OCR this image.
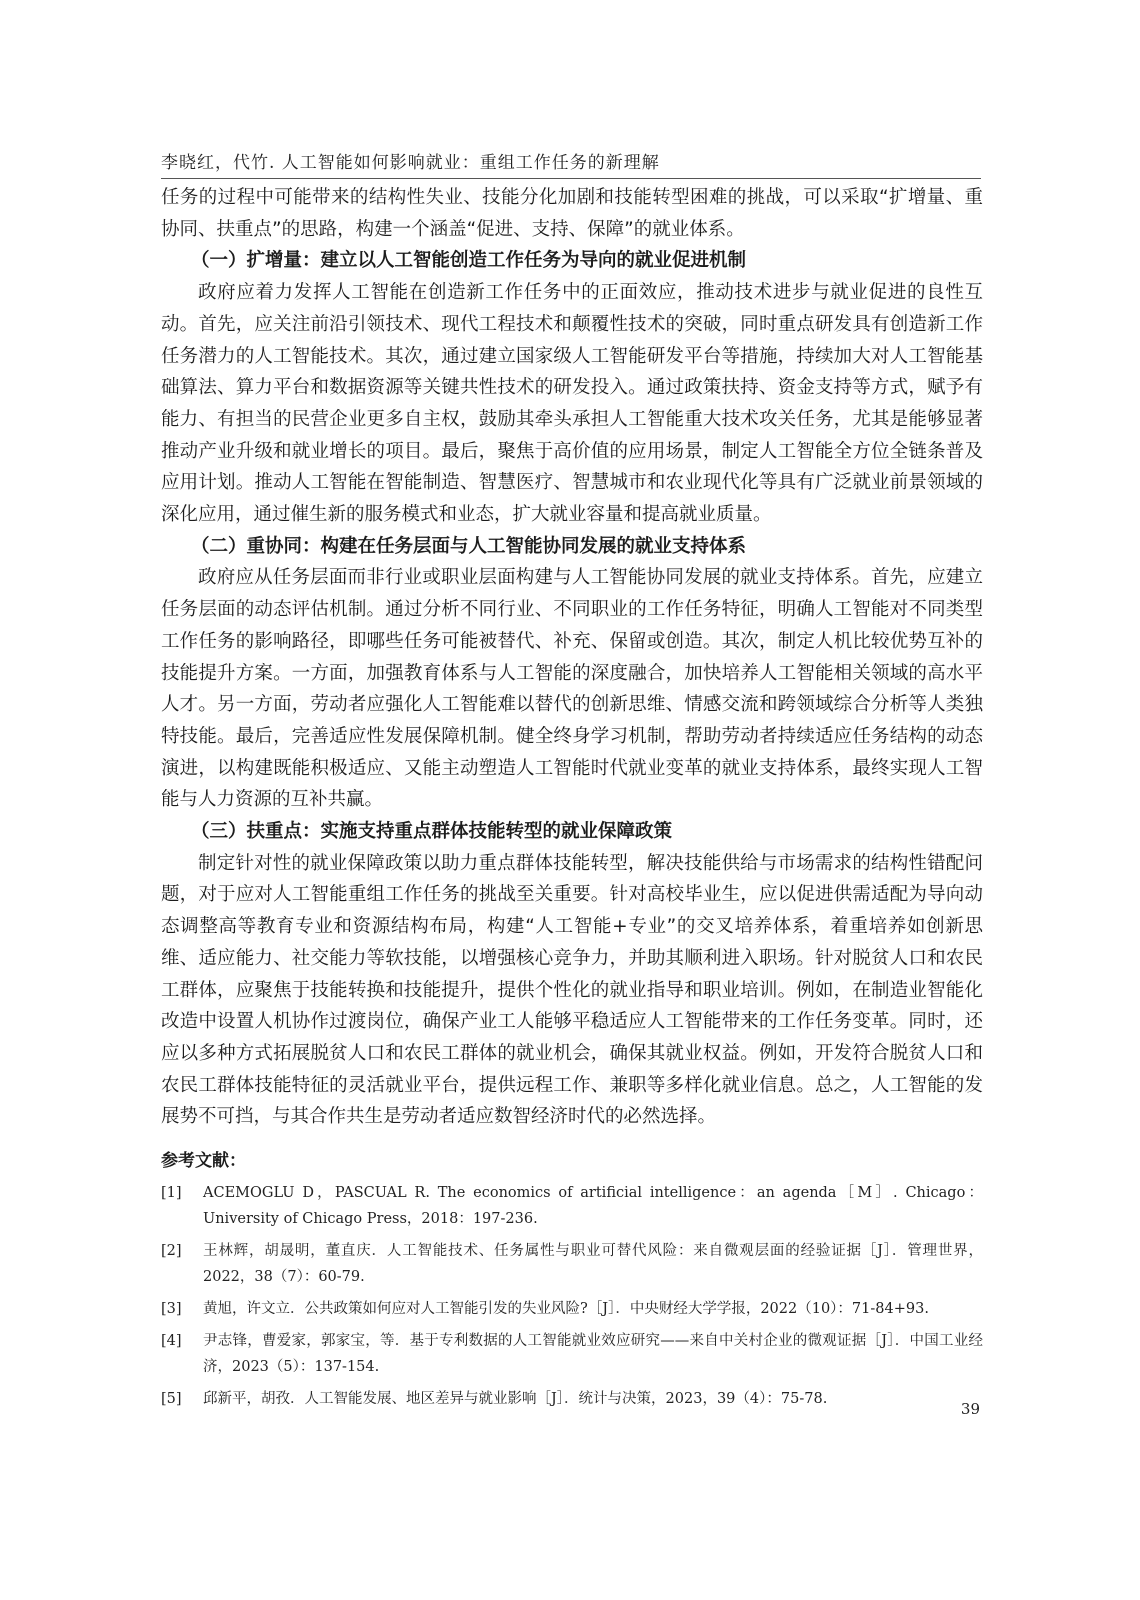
李晓红，代竹. 人工智能如何影响就业：重组工作任务的新理解

任务的过程中可能带来的结构性失业、技能分化加剧和技能转型困难的挑战，可以采取“扩增量、重协同、扶重点”的思路，构建一个涵盖“促进、支持、保障”的就业体系。

（一）扩增量：建立以人工智能创造工作任务为导向的就业促进机制

政府应着力发挥人工智能在创造新工作任务中的正面效应，推动技术进步与就业促进的良性互动。首先，应关注前沿引领技术、现代工程技术和颠覆性技术的突破，同时重点研发具有创造新工作任务潜力的人工智能技术。其次，通过建立国家级人工智能研发平台等措施，持续加大对人工智能基础算法、算力平台和数据资源等关键共性技术的研发投入。通过政策扶持、资金支持等方式，赋予有能力、有担当的民营企业更多自主权，鼓励其牵头承担人工智能重大技术攻关任务，尤其是能够显著推动产业升级和就业增长的项目。最后，聚焦于高价值的应用场景，制定人工智能全方位全链条普及应用计划。推动人工智能在智能制造、智慧医疗、智慧城市和农业现代化等具有广泛就业前景领域的深化应用，通过催生新的服务模式和业态，扩大就业容量和提高就业质量。

（二）重协同：构建在任务层面与人工智能协同发展的就业支持体系

政府应从任务层面而非行业或职业层面构建与人工智能协同发展的就业支持体系。首先，应建立任务层面的动态评估机制。通过分析不同行业、不同职业的工作任务特征，明确人工智能对不同类型工作任务的影响路径，即哪些任务可能被替代、补充、保留或创造。其次，制定人机比较优势互补的技能提升方案。一方面，加强教育体系与人工智能的深度融合，加快培养人工智能相关领域的高水平人才。另一方面，劳动者应强化人工智能难以替代的创新思维、情感交流和跨领域综合分析等人类独特技能。最后，完善适应性发展保障机制。健全终身学习机制，帮助劳动者持续适应任务结构的动态演进，以构建既能积极适应、又能主动塑造人工智能时代就业变革的就业支持体系，最终实现人工智能与人力资源的互补共赢。

（三）扶重点：实施支持重点群体技能转型的就业保障政策

制定针对性的就业保障政策以助力重点群体技能转型，解决技能供给与市场需求的结构性错配问题，对于应对人工智能重组工作任务的挑战至关重要。针对高校毕业生，应以促进供需适配为导向动态调整高等教育专业和资源结构布局，构建“人工智能+专业”的交叉培养体系，着重培养如创新思维、适应能力、社交能力等软技能，以增强核心竞争力，并助其顺利进入职场。针对脱贫人口和农民工群体，应聚焦于技能转换和技能提升，提供个性化的就业指导和职业培训。例如，在制造业智能化改造中设置人机协作过渡岗位，确保产业工人能够平稳适应人工智能带来的工作任务变革。同时，还应以多种方式拓展脱贫人口和农民工群体的就业机会，确保其就业权益。例如，开发符合脱贫人口和农民工群体技能特征的灵活就业平台，提供远程工作、兼职等多样化就业信息。总之，人工智能的发展势不可挡，与其合作共生是劳动者适应数智经济时代的必然选择。

参考文献：
[1]	ACEMOGLU D，PASCUAL R. The economics of artificial intelligence：an agenda［M］. Chicago：University of Chicago Press，2018：197-236.
[2]	王林辉，胡晟明，董直庆．人工智能技术、任务属性与职业可替代风险：来自微观层面的经验证据［J］．管理世界，2022，38（7）：60-79.
[3]	黄旭，许文立．公共政策如何应对人工智能引发的失业风险?［J］．中央财经大学学报，2022（10）：71-84+93.
[4]	尹志锋，曹爱家，郭家宝，等．基于专利数据的人工智能就业效应研究——来自中关村企业的微观证据［J］．中国工业经济，2023（5）：137-154.
[5]	邱新平，胡孜．人工智能发展、地区差异与就业影响［J］．统计与决策，2023，39（4）：75-78.
39
